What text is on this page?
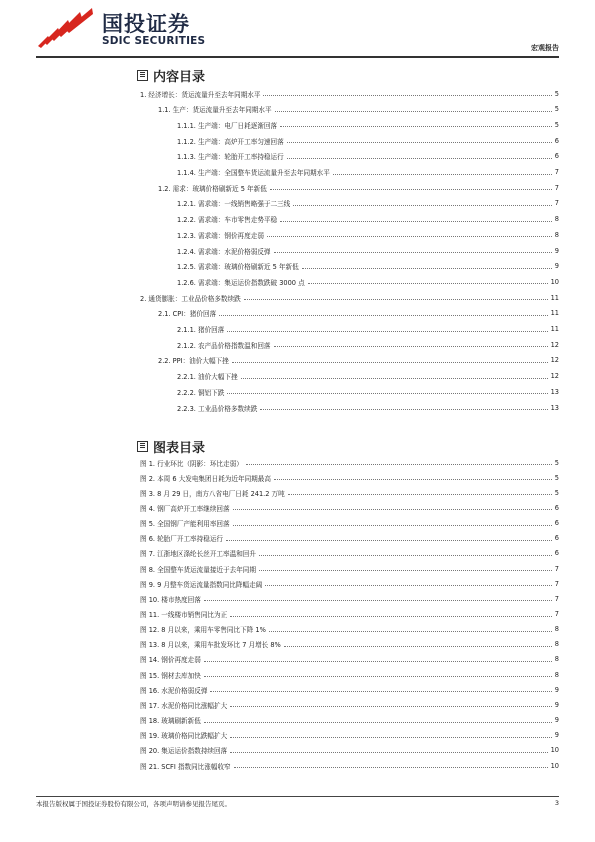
国投证券
SDIC SECURITIES
宏观报告
内容目录
1. 经济增长：货运流量升至去年同期水平	5
1.1. 生产：货运流量升至去年同期水平	5
1.1.1. 生产端：电厂日耗逐渐回落	5
1.1.2. 生产端：高炉开工率匀速回落	6
1.1.3. 生产端：轮胎开工率持稳运行	6
1.1.4. 生产端：全国整车货运流量升至去年同期水平	7
1.2. 需求：玻璃价格刷新近 5 年新低	7
1.2.1. 需求端：一线销售略强于二三线	7
1.2.2. 需求端：车市零售走势平稳	8
1.2.3. 需求端：钢价再度走弱	8
1.2.4. 需求端：水泥价格弱反弹	9
1.2.5. 需求端：玻璃价格刷新近 5 年新低	9
1.2.6. 需求端：集运运价指数跌破 3000 点	10
2. 通货膨胀：工业品价格多数续跌	11
2.1. CPI：猪价回落	11
2.1.1. 猪价回落	11
2.1.2. 农产品价格指数温和回落	12
2.2. PPI：油价大幅下挫	12
2.2.1. 油价大幅下挫	12
2.2.2. 铜铝下跌	13
2.2.3. 工业品价格多数续跌	13
图表目录
图 1. 行业环比（阴影：环比走弱）	5
图 2. 本周 6 大发电集团日耗为近年同期最高	5
图 3. 8 月 29 日，南方八省电厂日耗 241.2 万吨	5
图 4. 钢厂高炉开工率继续回落	6
图 5. 全国钢厂产能利用率回落	6
图 6. 轮胎厂开工率持稳运行	6
图 7. 江浙地区涤纶长丝开工率温和回升	6
图 8. 全国整车货运流量接近于去年同期	7
图 9. 9 月整车货运流量指数同比降幅走阔	7
图 10. 楼市热度回落	7
图 11. 一线楼市销售同比为正	7
图 12. 8 月以来，乘用车零售同比下降 1%	8
图 13. 8 月以来，乘用车批发环比 7 月增长 8%	8
图 14. 钢价再度走弱	8
图 15. 钢材去库加快	8
图 16. 水泥价格弱反弹	9
图 17. 水泥价格同比涨幅扩大	9
图 18. 玻璃刷新新低	9
图 19. 玻璃价格同比跌幅扩大	9
图 20. 集运运价指数持续回落	10
图 21. SCFI 指数同比涨幅收窄	10
本报告版权属于国投证券股份有限公司，各项声明请参见报告尾页。	3
